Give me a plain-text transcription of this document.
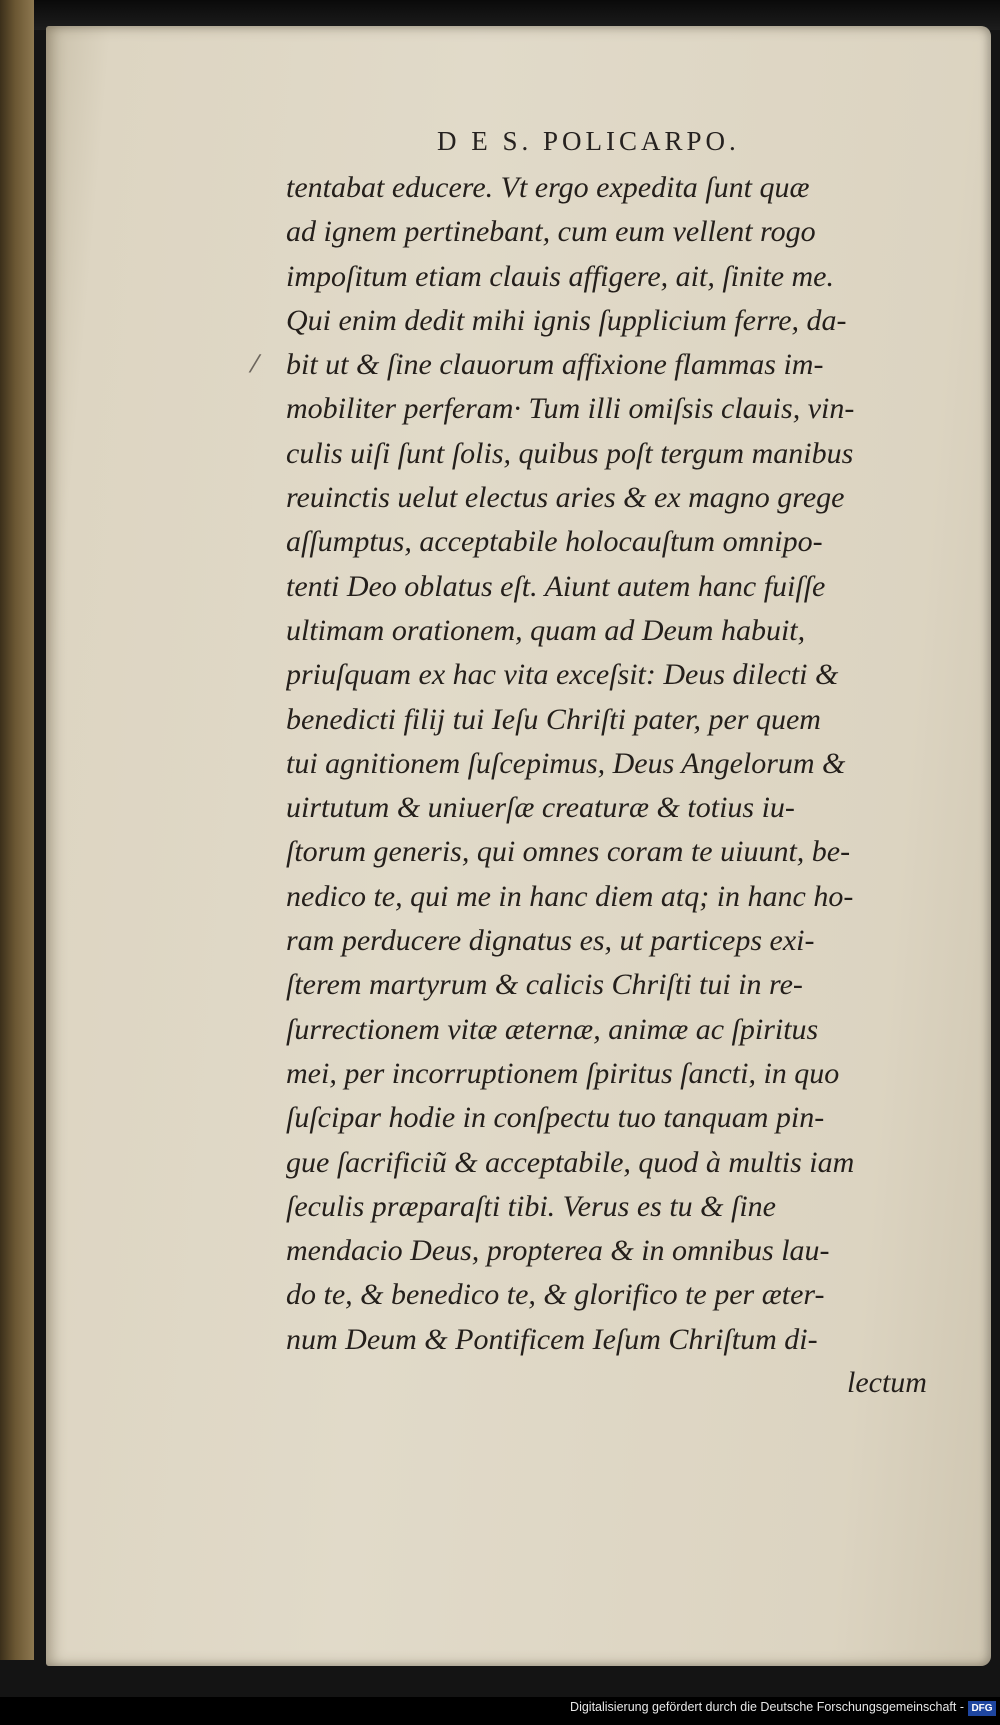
D E S. POLICARPO.
⁄
tentabat educere. Vt ergo expedita ſunt quæ
ad ignem pertinebant, cum eum vellent rogo
impoſitum etiam clauis affigere, ait, ſinite me.
Qui enim dedit mihi ignis ſupplicium ferre, da-
bit ut & ſine clauorum affixione flammas im-
mobiliter perferam· Tum illi omiſsis clauis, vin-
culis uiſi ſunt ſolis, quibus poſt tergum manibus
reuinctis uelut electus aries & ex magno grege
aſſumptus, acceptabile holocauſtum omnipo-
tenti Deo oblatus eſt. Aiunt autem hanc fuiſſe
ultimam orationem, quam ad Deum habuit,
priuſquam ex hac vita exceſsit: Deus dilecti &
benedicti filij tui Ieſu Chriſti pater, per quem
tui agnitionem ſuſcepimus, Deus Angelorum &
uirtutum & uniuerſæ creaturæ & totius iu-
ſtorum generis, qui omnes coram te uiuunt, be-
nedico te, qui me in hanc diem atq; in hanc ho-
ram perducere dignatus es, ut particeps exi-
ſterem martyrum & calicis Chriſti tui in re-
ſurrectionem vitæ æternæ, animæ ac ſpiritus
mei, per incorruptionem ſpiritus ſancti, in quo
ſuſcipar hodie in conſpectu tuo tanquam pin-
gue ſacrificiũ & acceptabile, quod à multis iam
ſeculis præparaſti tibi. Verus es tu & ſine
mendacio Deus, propterea & in omnibus lau-
do te, & benedico te, & glorifico te per æter-
num Deum & Pontificem Ieſum Chriſtum di-
lectum
Digitalisierung gefördert durch die Deutsche Forschungsgemeinschaft - DFG
